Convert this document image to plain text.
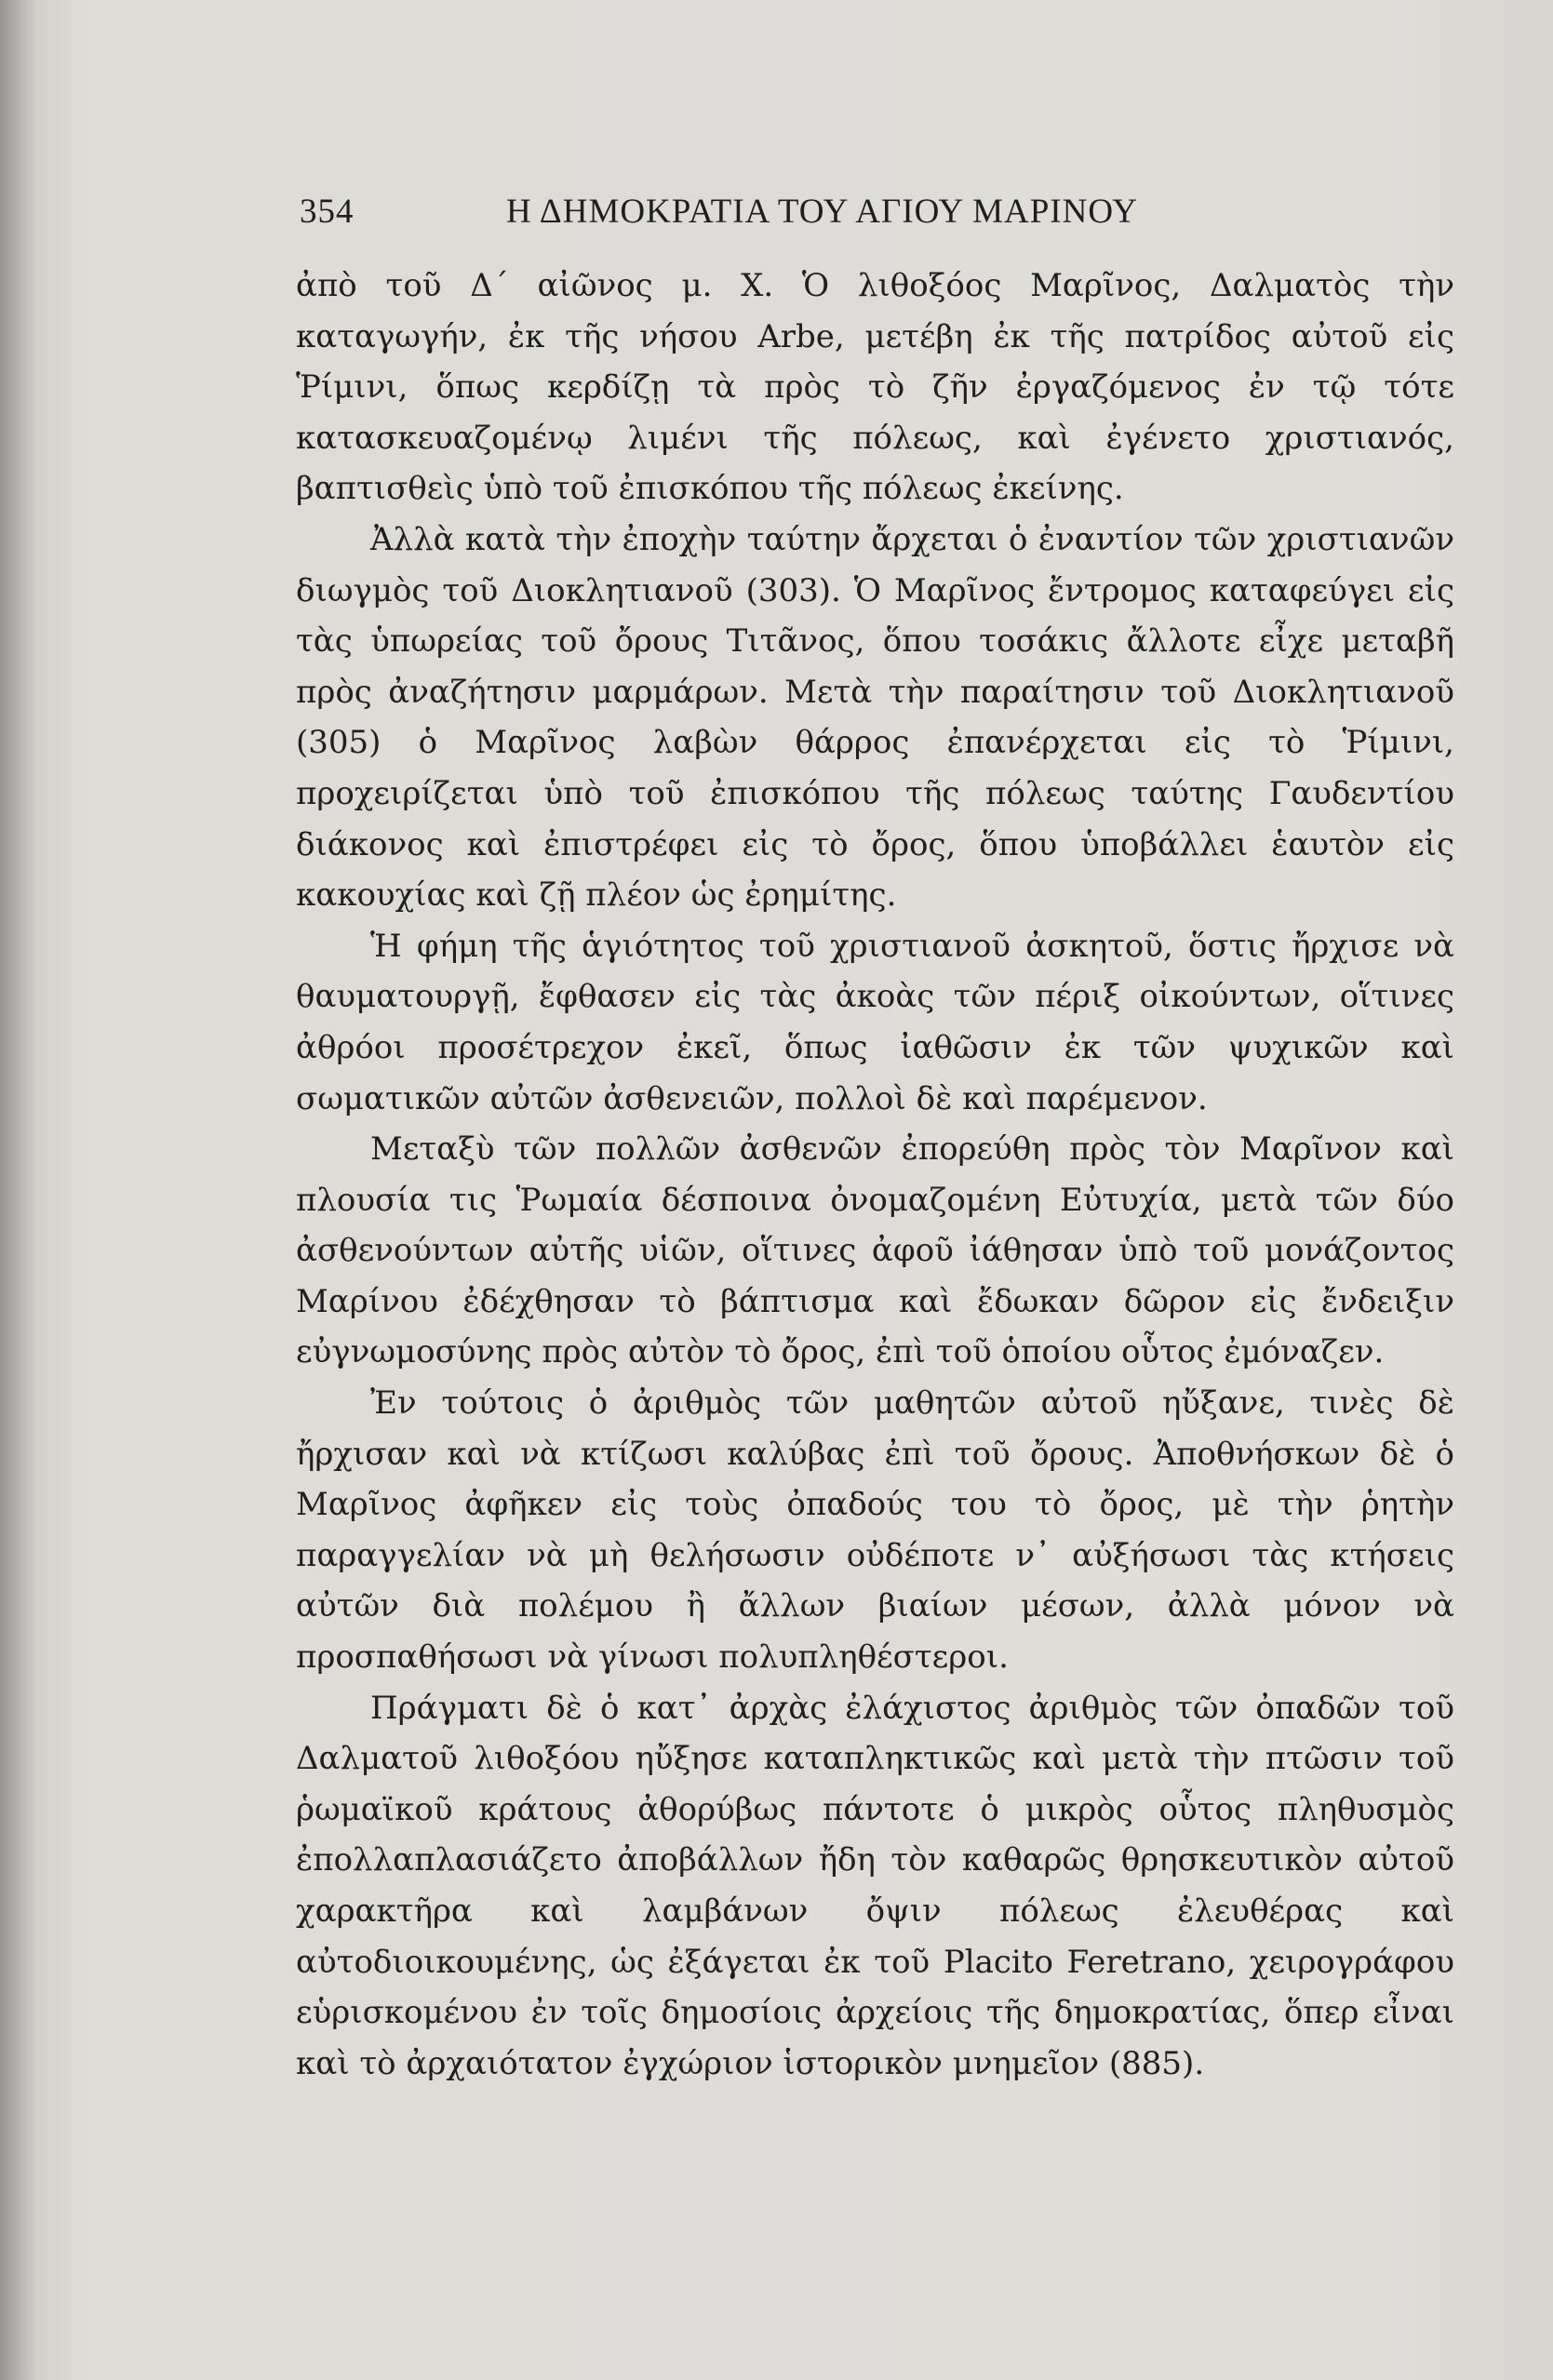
354	Η ΔΗΜΟΚΡΑΤΙΑ ΤΟΥ ΑΓΙΟΥ ΜΑΡΙΝΟΥ

ἀπὸ τοῦ Δ΄ αἰῶνος μ. Χ. Ὁ λιθοξόος Μαρῖνος, Δαλματὸς τὴν καταγωγήν, ἐκ τῆς νήσου Arbe, μετέβη ἐκ τῆς πατρίδος αὐτοῦ εἰς Ῥίμινι, ὅπως κερδίζῃ τὰ πρὸς τὸ ζῆν ἐργαζόμενος ἐν τῷ τότε κατασκευαζομένῳ λιμένι τῆς πόλεως, καὶ ἐγένετο χριστιανός, βαπτισθεὶς ὑπὸ τοῦ ἐπισκόπου τῆς πόλεως ἐκείνης.

Ἀλλὰ κατὰ τὴν ἐποχὴν ταύτην ἄρχεται ὁ ἐναντίον τῶν χριστιανῶν διωγμὸς τοῦ Διοκλητιανοῦ (303). Ὁ Μαρῖνος ἔντρομος καταφεύγει εἰς τὰς ὑπωρείας τοῦ ὄρους Τιτᾶνος, ὅπου τοσάκις ἄλλοτε εἶχε μεταβῆ πρὸς ἀναζήτησιν μαρμάρων. Μετὰ τὴν παραίτησιν τοῦ Διοκλητιανοῦ (305) ὁ Μαρῖνος λαβὼν θάρρος ἐπανέρχεται εἰς τὸ Ῥίμινι, προχειρίζεται ὑπὸ τοῦ ἐπισκόπου τῆς πόλεως ταύτης Γαυδεντίου διάκονος καὶ ἐπιστρέφει εἰς τὸ ὄρος, ὅπου ὑποβάλλει ἑαυτὸν εἰς κακουχίας καὶ ζῇ πλέον ὡς ἐρημίτης.

Ἡ φήμη τῆς ἁγιότητος τοῦ χριστιανοῦ ἀσκητοῦ, ὅστις ἤρχισε νὰ θαυματουργῇ, ἔφθασεν εἰς τὰς ἀκοὰς τῶν πέριξ οἰκούντων, οἵτινες ἀθρόοι προσέτρεχον ἐκεῖ, ὅπως ἰαθῶσιν ἐκ τῶν ψυχικῶν καὶ σωματικῶν αὐτῶν ἀσθενειῶν, πολλοὶ δὲ καὶ παρέμενον.

Μεταξὺ τῶν πολλῶν ἀσθενῶν ἐπορεύθη πρὸς τὸν Μαρῖνον καὶ πλουσία τις Ῥωμαία δέσποινα ὀνομαζομένη Εὐτυχία, μετὰ τῶν δύο ἀσθενούντων αὐτῆς υἱῶν, οἵτινες ἀφοῦ ἰάθησαν ὑπὸ τοῦ μονάζοντος Μαρίνου ἐδέχθησαν τὸ βάπτισμα καὶ ἔδωκαν δῶρον εἰς ἔνδειξιν εὐγνωμοσύνης πρὸς αὐτὸν τὸ ὄρος, ἐπὶ τοῦ ὁποίου οὗτος ἐμόναζεν.

Ἐν τούτοις ὁ ἀριθμὸς τῶν μαθητῶν αὐτοῦ ηὔξανε, τινὲς δὲ ἤρχισαν καὶ νὰ κτίζωσι καλύβας ἐπὶ τοῦ ὄρους. Ἀποθνήσκων δὲ ὁ Μαρῖνος ἀφῆκεν εἰς τοὺς ὀπαδούς του τὸ ὄρος, μὲ τὴν ῥητὴν παραγγελίαν νὰ μὴ θελήσωσιν οὐδέποτε ν᾽ αὐξήσωσι τὰς κτήσεις αὐτῶν διὰ πολέμου ἢ ἄλλων βιαίων μέσων, ἀλλὰ μόνον νὰ προσπαθήσωσι νὰ γίνωσι πολυπληθέστεροι.

Πράγματι δὲ ὁ κατ᾽ ἀρχὰς ἐλάχιστος ἀριθμὸς τῶν ὀπαδῶν τοῦ Δαλματοῦ λιθοξόου ηὔξησε καταπληκτικῶς καὶ μετὰ τὴν πτῶσιν τοῦ ῥωμαϊκοῦ κράτους ἀθορύβως πάντοτε ὁ μικρὸς οὗτος πληθυσμὸς ἐπολλαπλασιάζετο ἀποβάλλων ἤδη τὸν καθαρῶς θρησκευτικὸν αὐτοῦ χαρακτῆρα καὶ λαμβάνων ὄψιν πόλεως ἐλευθέρας καὶ αὐτοδιοικουμένης, ὡς ἐξάγεται ἐκ τοῦ Placito Feretrano, χειρογράφου εὑρισκομένου ἐν τοῖς δημοσίοις ἀρχείοις τῆς δημοκρατίας, ὅπερ εἶναι καὶ τὸ ἀρχαιότατον ἐγχώριον ἱστορικὸν μνημεῖον (885).
